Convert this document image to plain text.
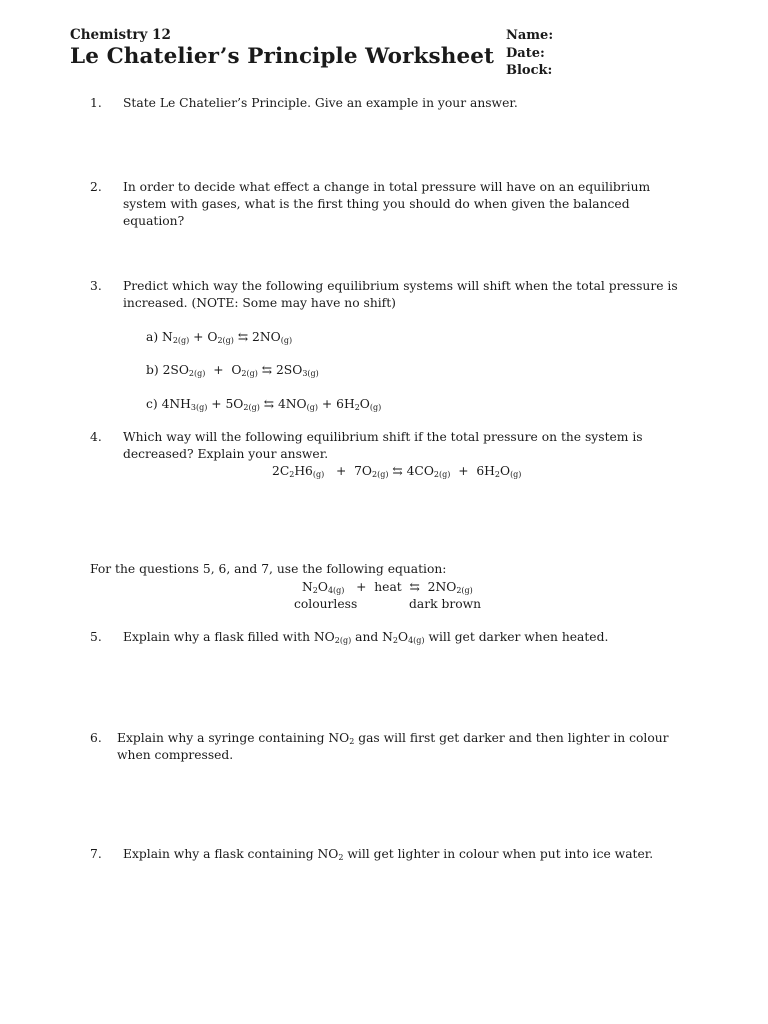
Chemistry 12
Le Chatelier’s Principle Worksheet
Name:
Date:
Block:
1. State Le Chatelier’s Principle. Give an example in your answer.
2. In order to decide what effect a change in total pressure will have on an equilibrium system with gases, what is the first thing you should do when given the balanced equation?
3. Predict which way the following equilibrium systems will shift when the total pressure is increased. (NOTE: Some may have no shift)
a) $N_{2(g)} + O_{2(g)}$ ⇆ $2NO_{(g)}$
b) $2SO_{2(g)} + O_{2(g)}$ ⇆ $2SO_{3(g)}$
c) $4NH_{3(g)} + 5O_{2(g)}$ ⇆ $4NO_{(g)} + 6H_2O_{(g)}$
4. Which way will the following equilibrium shift if the total pressure on the system is decreased? Explain your answer.
$2C_2H6_{(g)} + 7O_{2(g)}$ ⇆ $4CO_{2(g)} + 6H_2O_{(g)}$
For the questions 5, 6, and 7, use the following equation:
$N_2O_{4(g)}$   +  heat  ⇆  $2NO_{2(g)}$
colourless	dark brown
5. Explain why a flask filled with $NO_{2(g)}$ and $N_2O_{4(g)}$ will get darker when heated.
6. Explain why a syringe containing $NO_2$ gas will first get darker and then lighter in colour when compressed.
7. Explain why a flask containing $NO_2$ will get lighter in colour when put into ice water.
